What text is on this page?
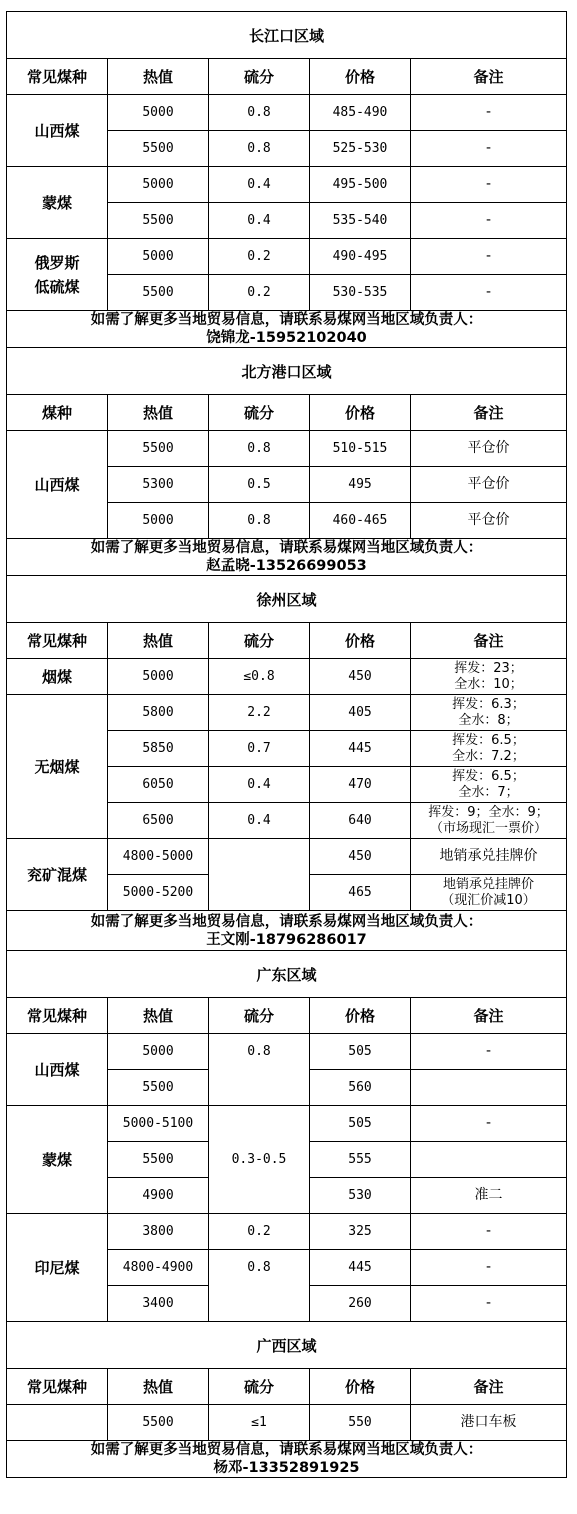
长江口区域				
常见煤种	热值	硫分	价格	备注
山西煤	5000	0.8	485-490	-
	5500	0.8	525-530	-
蒙煤	5000	0.4	495-500	-
	5500	0.4	535-540	-
俄罗斯
低硫煤	5000	0.2	490-495	-
	5500	0.2	530-535	-

如需了解更多当地贸易信息，请联系易煤网当地区域负责人：
饶锦龙-15952102040				

北方港口区域				
煤种	热值	硫分	价格	备注
山西煤	5500	0.8	510-515	平仓价
	5300	0.5	495	平仓价
	5000	0.8	460-465	平仓价

如需了解更多当地贸易信息，请联系易煤网当地区域负责人：
赵孟晓-13526699053				

徐州区域				
常见煤种	热值	硫分	价格	备注
烟煤	5000	≤0.8	450	挥发：23；
全水：10；
无烟煤	5800	2.2	405	挥发：6.3；
全水：8；
	5850	0.7	445	挥发：6.5；
全水：7.2；
	6050	0.4	470	挥发：6.5；
全水：7；
	6500	0.4	640	挥发：9；全水：9；
（市场现汇一票价）
兖矿混煤	4800-5000		450	地销承兑挂牌价
	5000-5200		465	地销承兑挂牌价
（现汇价减10）

如需了解更多当地贸易信息，请联系易煤网当地区域负责人：
王文刚-18796286017				

广东区域				
常见煤种	热值	硫分	价格	备注
山西煤	5000	0.8	505	-
	5500		560	
蒙煤	5000-5100	0.3-0.5	505	-
	5500		555	
	4900		530	准二
印尼煤	3800	0.2	325	-
	4800-4900	0.8	445	-
	3400		260	-
广西区域				
常见煤种	热值	硫分	价格	备注
	5500	≤1	550	港口车板

如需了解更多当地贸易信息，请联系易煤网当地区域负责人：
杨邓-13352891925				
